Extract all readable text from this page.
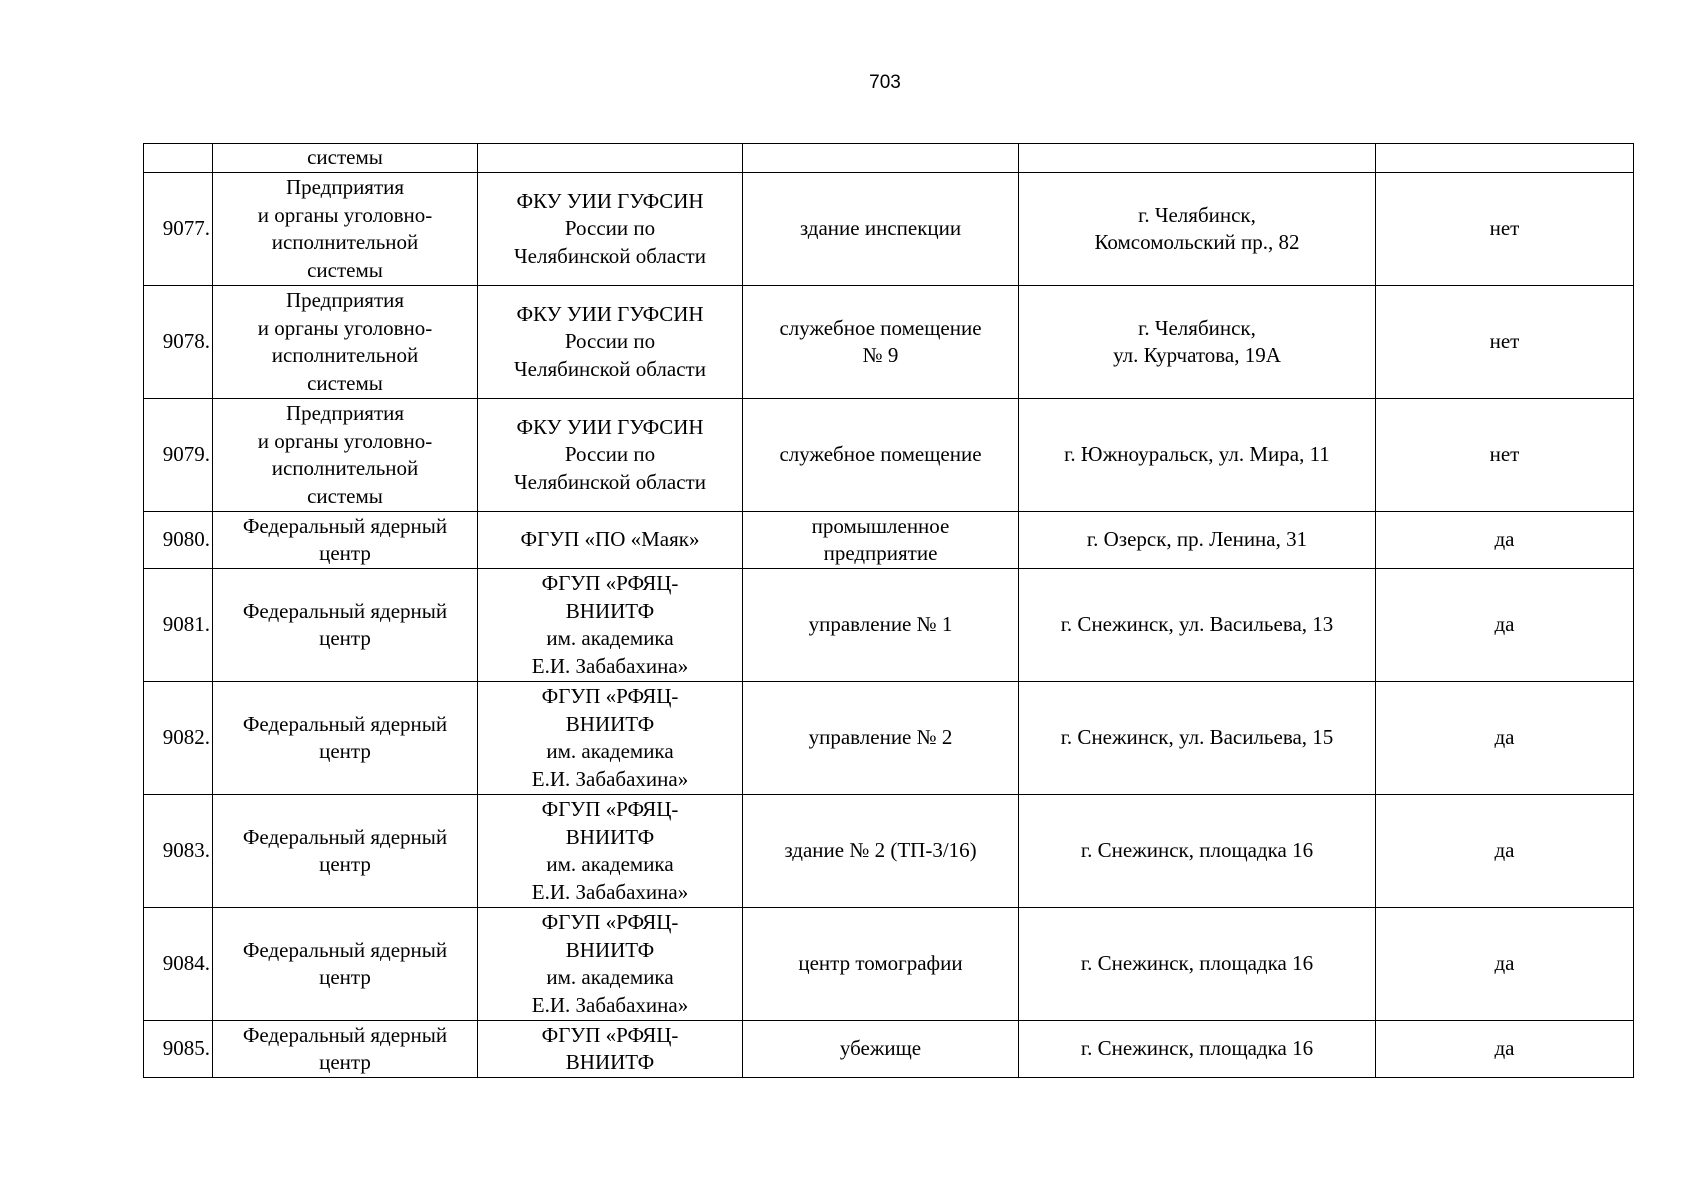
703
	системы				
9077.	Предприятия
и органы уголовно-
исполнительной
системы	ФКУ УИИ ГУФСИН
России по
Челябинской области	здание инспекции	г. Челябинск,
Комсомольский пр., 82	нет
9078.	Предприятия
и органы уголовно-
исполнительной
системы	ФКУ УИИ ГУФСИН
России по
Челябинской области	служебное помещение
№ 9	г. Челябинск,
ул. Курчатова, 19А	нет
9079.	Предприятия
и органы уголовно-
исполнительной
системы	ФКУ УИИ ГУФСИН
России по
Челябинской области	служебное помещение	г. Южноуральск, ул. Мира, 11	нет
9080.	Федеральный ядерный
центр	ФГУП «ПО «Маяк»	промышленное
предприятие	г. Озерск, пр. Ленина, 31	да
9081.	Федеральный ядерный
центр	ФГУП «РФЯЦ-
ВНИИТФ
им. академика
Е.И. Забабахина»	управление № 1	г. Снежинск, ул. Васильева, 13	да
9082.	Федеральный ядерный
центр	ФГУП «РФЯЦ-
ВНИИТФ
им. академика
Е.И. Забабахина»	управление № 2	г. Снежинск, ул. Васильева, 15	да
9083.	Федеральный ядерный
центр	ФГУП «РФЯЦ-
ВНИИТФ
им. академика
Е.И. Забабахина»	здание № 2 (ТП-3/16)	г. Снежинск, площадка 16	да
9084.	Федеральный ядерный
центр	ФГУП «РФЯЦ-
ВНИИТФ
им. академика
Е.И. Забабахина»	центр томографии	г. Снежинск, площадка 16	да
9085.	Федеральный ядерный
центр	ФГУП «РФЯЦ-
ВНИИТФ	убежище	г. Снежинск, площадка 16	да
